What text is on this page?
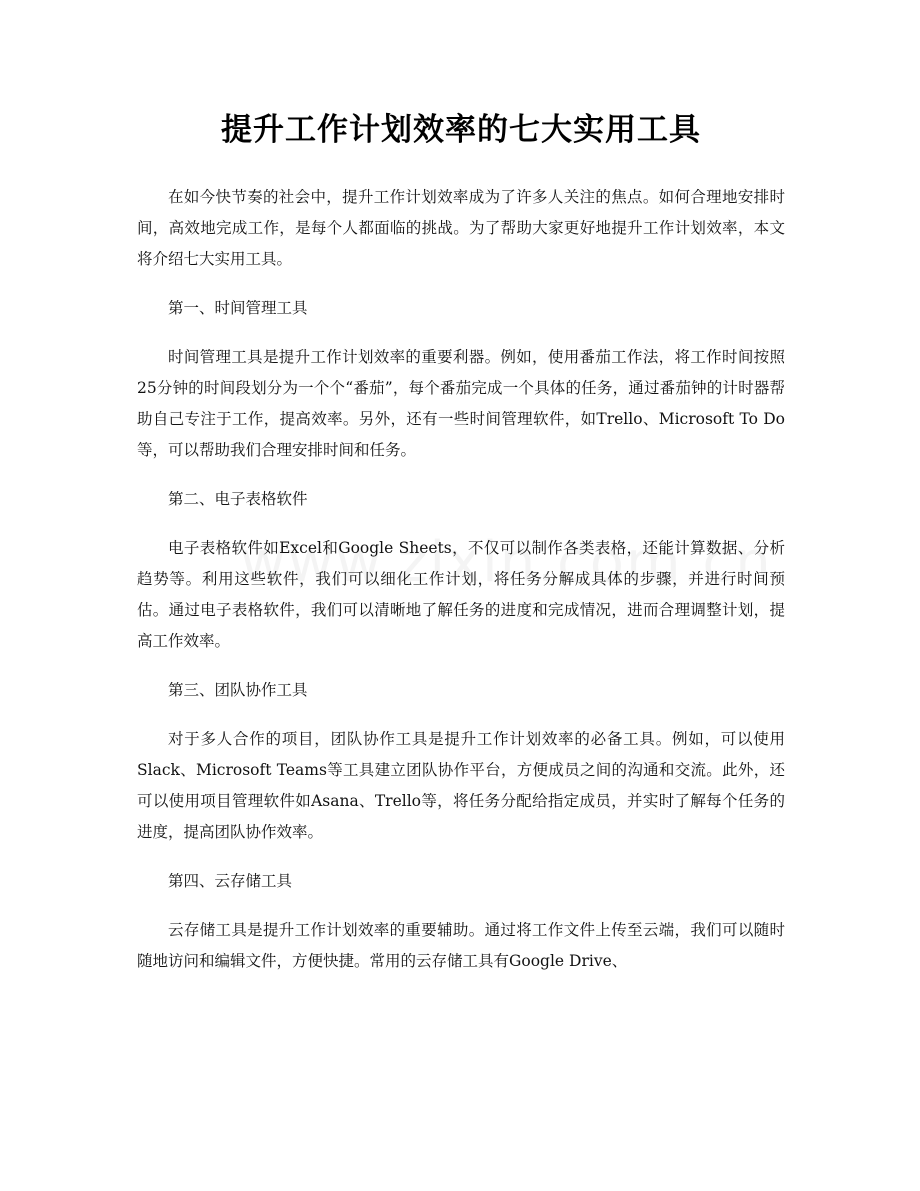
提升工作计划效率的七大实用工具

在如今快节奏的社会中，提升工作计划效率成为了许多人关注的焦点。如何合理地安排时间，高效地完成工作，是每个人都面临的挑战。为了帮助大家更好地提升工作计划效率，本文将介绍七大实用工具。

第一、时间管理工具

时间管理工具是提升工作计划效率的重要利器。例如，使用番茄工作法，将工作时间按照25分钟的时间段划分为一个个“番茄”，每个番茄完成一个具体的任务，通过番茄钟的计时器帮助自己专注于工作，提高效率。另外，还有一些时间管理软件，如Trello、Microsoft To Do等，可以帮助我们合理安排时间和任务。

第二、电子表格软件

电子表格软件如Excel和Google Sheets，不仅可以制作各类表格，还能计算数据、分析趋势等。利用这些软件，我们可以细化工作计划，将任务分解成具体的步骤，并进行时间预估。通过电子表格软件，我们可以清晰地了解任务的进度和完成情况，进而合理调整计划，提高工作效率。

第三、团队协作工具

对于多人合作的项目，团队协作工具是提升工作计划效率的必备工具。例如，可以使用Slack、Microsoft Teams等工具建立团队协作平台，方便成员之间的沟通和交流。此外，还可以使用项目管理软件如Asana、Trello等，将任务分配给指定成员，并实时了解每个任务的进度，提高团队协作效率。

第四、云存储工具

云存储工具是提升工作计划效率的重要辅助。通过将工作文件上传至云端，我们可以随时随地访问和编辑文件，方便快捷。常用的云存储工具有Google Drive、
